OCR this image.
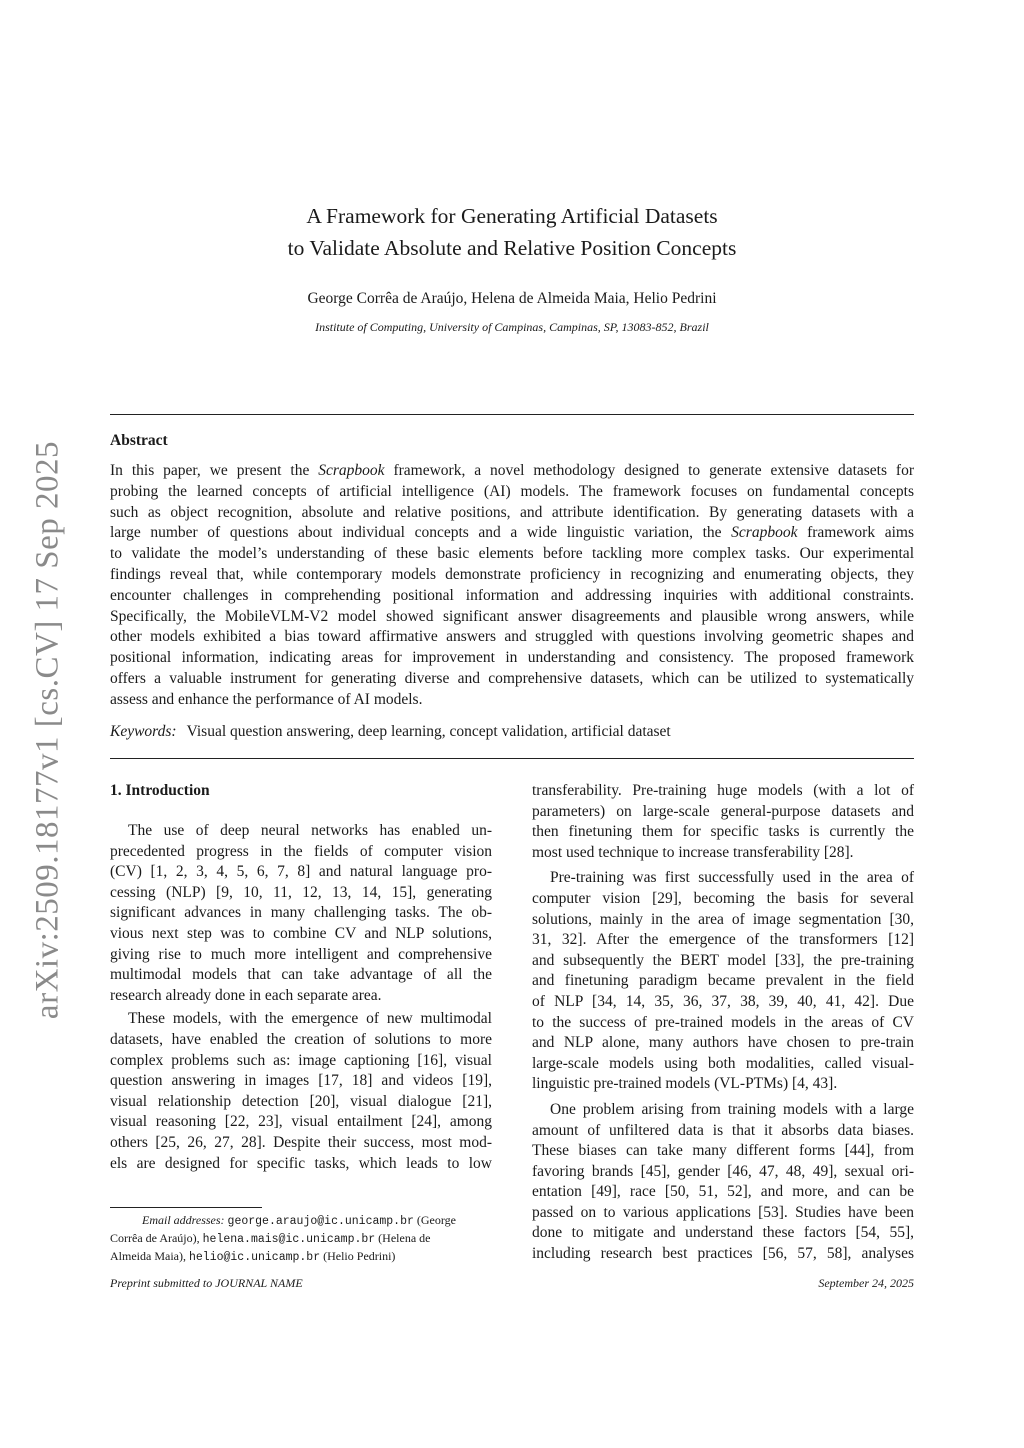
arXiv:2509.18177v1 [cs.CV] 17 Sep 2025
A Framework for Generating Artificial Datasets
to Validate Absolute and Relative Position Concepts
George Corrêa de Araújo, Helena de Almeida Maia, Helio Pedrini
Institute of Computing, University of Campinas, Campinas, SP, 13083-852, Brazil
Abstract
In this paper, we present the Scrapbook framework, a novel methodology designed to generate extensive datasets for
probing the learned concepts of artificial intelligence (AI) models. The framework focuses on fundamental concepts
such as object recognition, absolute and relative positions, and attribute identification. By generating datasets with a
large number of questions about individual concepts and a wide linguistic variation, the Scrapbook framework aims
to validate the model’s understanding of these basic elements before tackling more complex tasks. Our experimental
findings reveal that, while contemporary models demonstrate proficiency in recognizing and enumerating objects, they
encounter challenges in comprehending positional information and addressing inquiries with additional constraints.
Specifically, the MobileVLM-V2 model showed significant answer disagreements and plausible wrong answers, while
other models exhibited a bias toward affirmative answers and struggled with questions involving geometric shapes and
positional information, indicating areas for improvement in understanding and consistency. The proposed framework
offers a valuable instrument for generating diverse and comprehensive datasets, which can be utilized to systematically
assess and enhance the performance of AI models.
Keywords: Visual question answering, deep learning, concept validation, artificial dataset
1. Introduction
The use of deep neural networks has enabled un-
precedented progress in the fields of computer vision
(CV) [1, 2, 3, 4, 5, 6, 7, 8] and natural language pro-
cessing (NLP) [9, 10, 11, 12, 13, 14, 15], generating
significant advances in many challenging tasks. The ob-
vious next step was to combine CV and NLP solutions,
giving rise to much more intelligent and comprehensive
multimodal models that can take advantage of all the
research already done in each separate area.
These models, with the emergence of new multimodal
datasets, have enabled the creation of solutions to more
complex problems such as: image captioning [16], visual
question answering in images [17, 18] and videos [19],
visual relationship detection [20], visual dialogue [21],
visual reasoning [22, 23], visual entailment [24], among
others [25, 26, 27, 28]. Despite their success, most mod-
els are designed for specific tasks, which leads to low
transferability. Pre-training huge models (with a lot of
parameters) on large-scale general-purpose datasets and
then finetuning them for specific tasks is currently the
most used technique to increase transferability [28].
Pre-training was first successfully used in the area of
computer vision [29], becoming the basis for several
solutions, mainly in the area of image segmentation [30,
31, 32]. After the emergence of the transformers [12]
and subsequently the BERT model [33], the pre-training
and finetuning paradigm became prevalent in the field
of NLP [34, 14, 35, 36, 37, 38, 39, 40, 41, 42]. Due
to the success of pre-trained models in the areas of CV
and NLP alone, many authors have chosen to pre-train
large-scale models using both modalities, called visual-
linguistic pre-trained models (VL-PTMs) [4, 43].
One problem arising from training models with a large
amount of unfiltered data is that it absorbs data biases.
These biases can take many different forms [44], from
favoring brands [45], gender [46, 47, 48, 49], sexual ori-
entation [49], race [50, 51, 52], and more, and can be
passed on to various applications [53]. Studies have been
done to mitigate and understand these factors [54, 55],
including research best practices [56, 57, 58], analyses
Email addresses: george.araujo@ic.unicamp.br (George
Corrêa de Araújo), helena.mais@ic.unicamp.br (Helena de
Almeida Maia), helio@ic.unicamp.br (Helio Pedrini)
Preprint submitted to JOURNAL NAME	September 24, 2025
